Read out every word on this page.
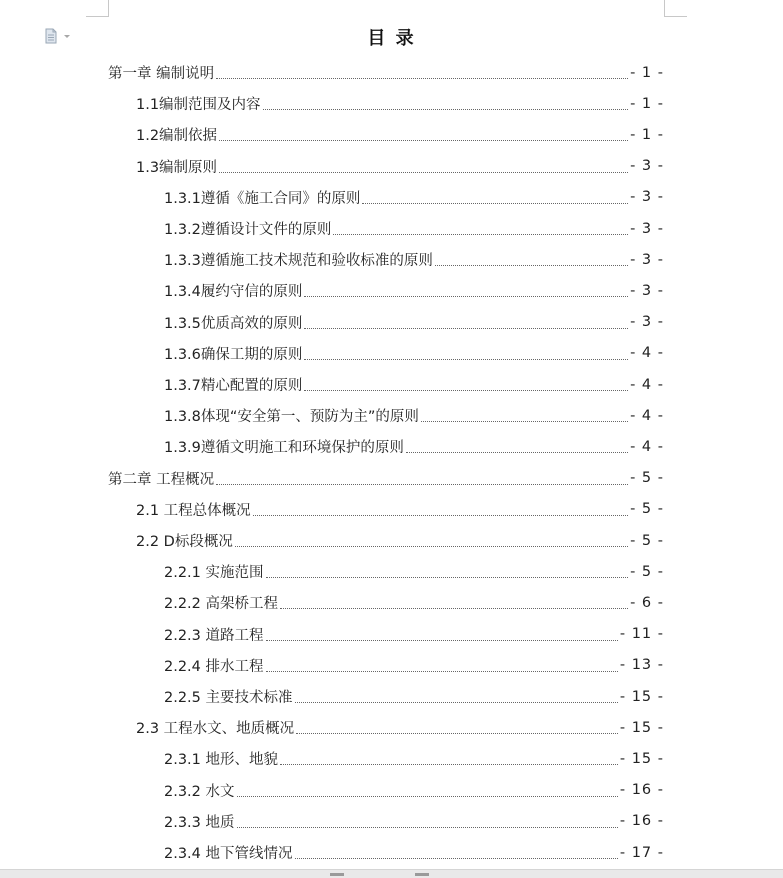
目 录
第一章 编制说明	- 1 -
1.1编制范围及内容	- 1 -
1.2编制依据	- 1 -
1.3编制原则	- 3 -
1.3.1遵循《施工合同》的原则	- 3 -
1.3.2遵循设计文件的原则	- 3 -
1.3.3遵循施工技术规范和验收标准的原则	- 3 -
1.3.4履约守信的原则	- 3 -
1.3.5优质高效的原则	- 3 -
1.3.6确保工期的原则	- 4 -
1.3.7精心配置的原则	- 4 -
1.3.8体现“安全第一、预防为主”的原则	- 4 -
1.3.9遵循文明施工和环境保护的原则	- 4 -
第二章 工程概况	- 5 -
2.1 工程总体概况	- 5 -
2.2 D标段概况	- 5 -
2.2.1 实施范围	- 5 -
2.2.2 高架桥工程	- 6 -
2.2.3 道路工程	- 11 -
2.2.4 排水工程	- 13 -
2.2.5 主要技术标准	- 15 -
2.3 工程水文、地质概况	- 15 -
2.3.1 地形、地貌	- 15 -
2.3.2 水文	- 16 -
2.3.3 地质	- 16 -
2.3.4 地下管线情况	- 17 -
